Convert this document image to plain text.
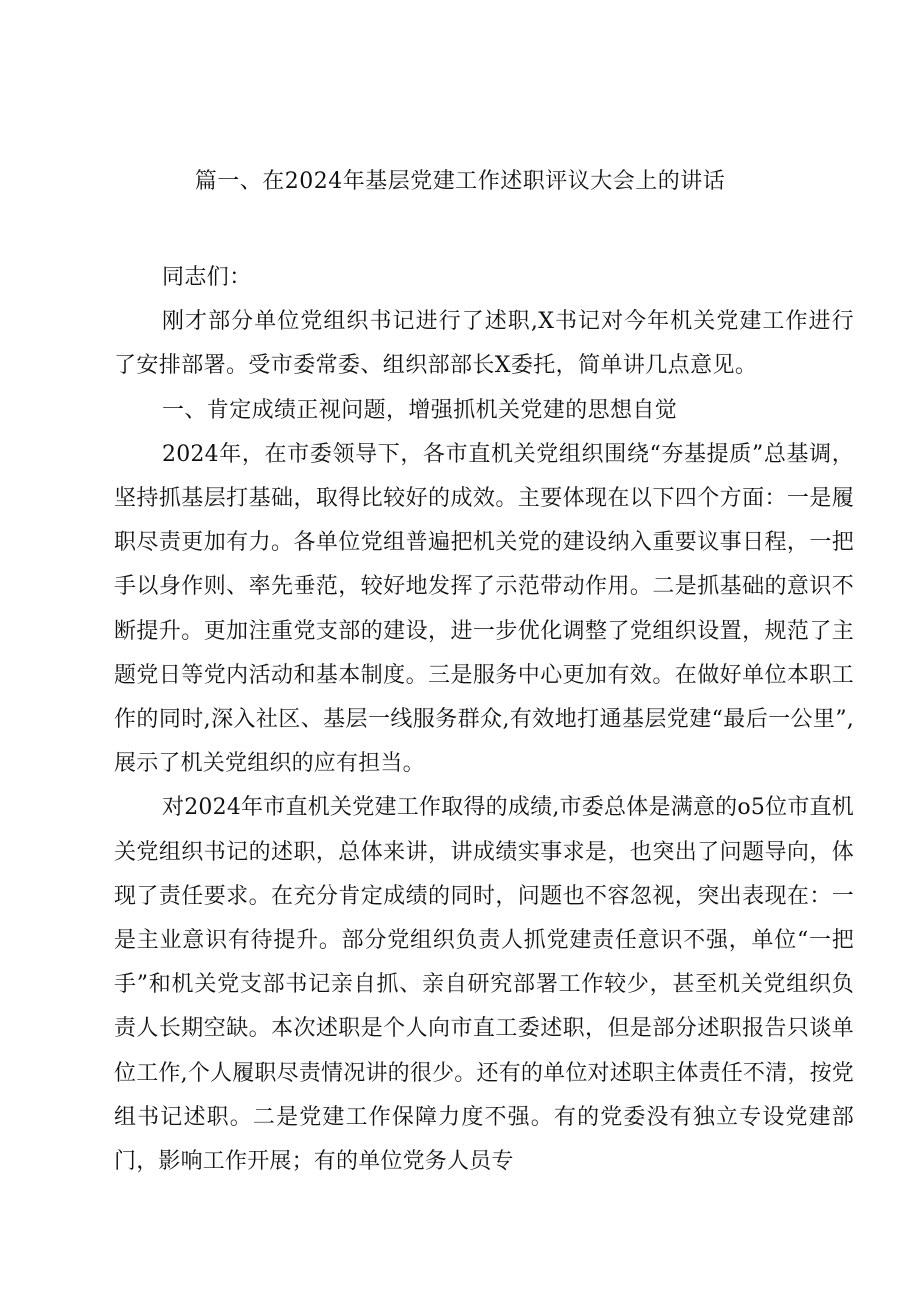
篇一、在2024年基层党建工作述职评议大会上的讲话

同志们：

刚才部分单位党组织书记进行了述职,X书记对今年机关党建工作进行了安排部署。受市委常委、组织部部长X委托，简单讲几点意见。

一、肯定成绩正视问题，增强抓机关党建的思想自觉

2024年，在市委领导下，各市直机关党组织围绕“夯基提质”总基调，坚持抓基层打基础，取得比较好的成效。主要体现在以下四个方面：一是履职尽责更加有力。各单位党组普遍把机关党的建设纳入重要议事日程，一把手以身作则、率先垂范，较好地发挥了示范带动作用。二是抓基础的意识不断提升。更加注重党支部的建设，进一步优化调整了党组织设置，规范了主题党日等党内活动和基本制度。三是服务中心更加有效。在做好单位本职工作的同时,深入社区、基层一线服务群众,有效地打通基层党建“最后一公里”,展示了机关党组织的应有担当。

对2024年市直机关党建工作取得的成绩,市委总体是满意的o5位市直机关党组织书记的述职，总体来讲，讲成绩实事求是，也突出了问题导向，体现了责任要求。在充分肯定成绩的同时，问题也不容忽视，突出表现在：一是主业意识有待提升。部分党组织负责人抓党建责任意识不强，单位“一把手”和机关党支部书记亲自抓、亲自研究部署工作较少，甚至机关党组织负责人长期空缺。本次述职是个人向市直工委述职，但是部分述职报告只谈单位工作,个人履职尽责情况讲的很少。还有的单位对述职主体责任不清，按党组书记述职。二是党建工作保障力度不强。有的党委没有独立专设党建部门，影响工作开展；有的单位党务人员专
